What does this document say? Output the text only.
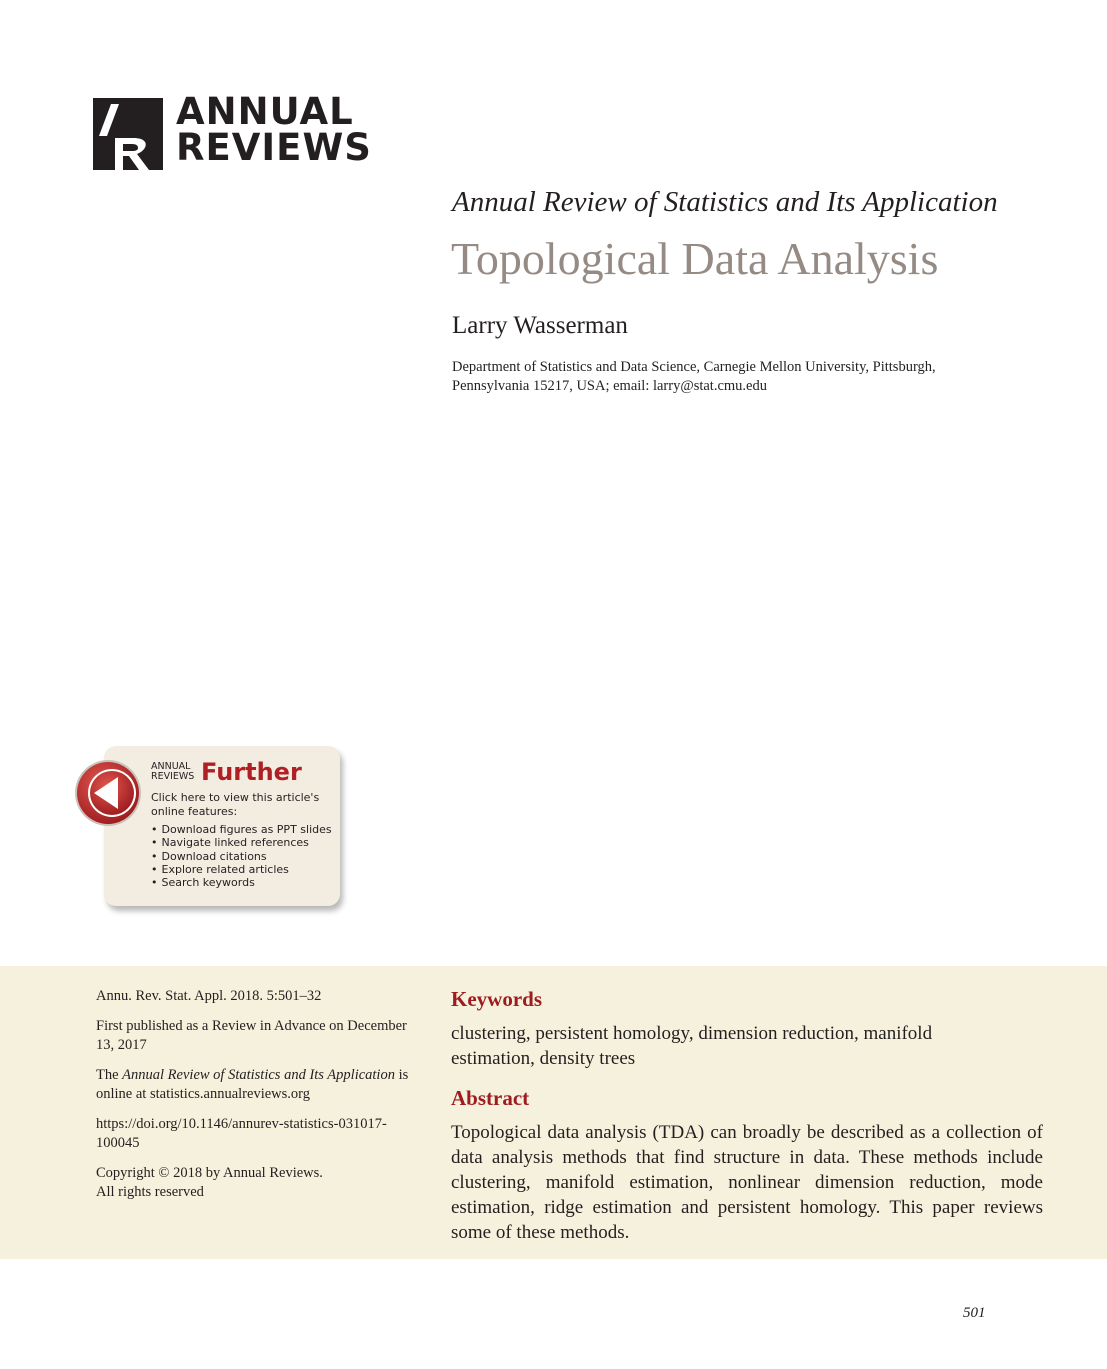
ANNUAL
REVIEWS
Annual Review of Statistics and Its Application
Topological Data Analysis
Larry Wasserman
Department of Statistics and Data Science, Carnegie Mellon University, Pittsburgh, Pennsylvania 15217, USA; email: larry@stat.cmu.edu
ANNUAL
REVIEWS Further
Click here to view this article's online features:
• Download figures as PPT slides
• Navigate linked references
• Download citations
• Explore related articles
• Search keywords

Annu. Rev. Stat. Appl. 2018. 5:501–32

First published as a Review in Advance on December 13, 2017

The Annual Review of Statistics and Its Application is online at statistics.annualreviews.org

https://doi.org/10.1146/annurev-statistics-031017-100045

Copyright © 2018 by Annual Reviews.
All rights reserved

Keywords
clustering, persistent homology, dimension reduction, manifold estimation, density trees
Abstract
Topological data analysis (TDA) can broadly be described as a collection of data analysis methods that find structure in data. These methods include clustering, manifold estimation, nonlinear dimension reduction, mode estimation, ridge estimation and persistent homology. This paper reviews some of these methods.
501
